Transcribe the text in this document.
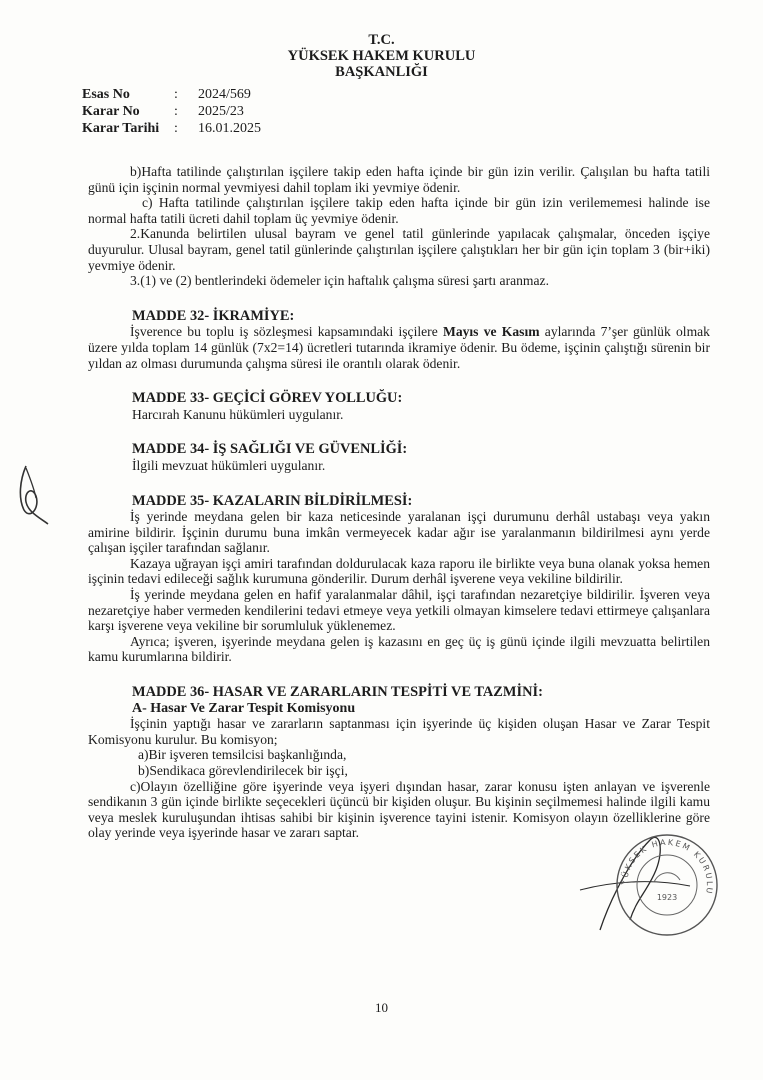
T.C.
YÜKSEK HAKEM KURULU
BAŞKANLIĞI
Esas No	:	2024/569
Karar No	:	2025/23
Karar Tarihi	:	16.01.2025

b)Hafta tatilinde çalıştırılan işçilere takip eden hafta içinde bir gün izin verilir. Çalışılan bu hafta tatili günü için işçinin normal yevmiyesi dahil toplam iki yevmiye ödenir.

c) Hafta tatilinde çalıştırılan işçilere takip eden hafta içinde bir gün izin verilememesi halinde ise normal hafta tatili ücreti dahil toplam üç yevmiye ödenir.

2.Kanunda belirtilen ulusal bayram ve genel tatil günlerinde yapılacak çalışmalar, önceden işçiye duyurulur. Ulusal bayram, genel tatil günlerinde çalıştırılan işçilere çalıştıkları her bir gün için toplam 3 (bir+iki) yevmiye ödenir.

3.(1) ve (2) bentlerindeki ödemeler için haftalık çalışma süresi şartı aranmaz.

MADDE 32- İKRAMİYE:

İşverence bu toplu iş sözleşmesi kapsamındaki işçilere Mayıs ve Kasım aylarında 7’şer günlük olmak üzere yılda toplam 14 günlük (7x2=14) ücretleri tutarında ikramiye ödenir. Bu ödeme, işçinin çalıştığı sürenin bir yıldan az olması durumunda çalışma süresi ile orantılı olarak ödenir.

MADDE 33- GEÇİCİ GÖREV YOLLUĞU:
Harcırah Kanunu hükümleri uygulanır.
MADDE 34- İŞ SAĞLIĞI VE GÜVENLİĞİ:
İlgili mevzuat hükümleri uygulanır.
MADDE 35- KAZALARIN BİLDİRİLMESİ:

İş yerinde meydana gelen bir kaza neticesinde yaralanan işçi durumunu derhâl ustabaşı veya yakın amirine bildirir. İşçinin durumu buna imkân vermeyecek kadar ağır ise yaralanmanın bildirilmesi aynı yerde çalışan işçiler tarafından sağlanır.

Kazaya uğrayan işçi amiri tarafından doldurulacak kaza raporu ile birlikte veya buna olanak yoksa hemen işçinin tedavi edileceği sağlık kurumuna gönderilir. Durum derhâl işverene veya vekiline bildirilir.

İş yerinde meydana gelen en hafif yaralanmalar dâhil, işçi tarafından nezaretçiye bildirilir. İşveren veya nezaretçiye haber vermeden kendilerini tedavi etmeye veya yetkili olmayan kimselere tedavi ettirmeye çalışanlara karşı işverene veya vekiline bir sorumluluk yüklenemez.

Ayrıca; işveren, işyerinde meydana gelen iş kazasını en geç üç iş günü içinde ilgili mevzuatta belirtilen kamu kurumlarına bildirir.

MADDE 36- HASAR VE ZARARLARIN TESPİTİ VE TAZMİNİ:
A- Hasar Ve Zarar Tespit Komisyonu

İşçinin yaptığı hasar ve zararların saptanması için işyerinde üç kişiden oluşan Hasar ve Zarar Tespit Komisyonu kurulur. Bu komisyon;

a)Bir işveren temsilcisi başkanlığında,
b)Sendikaca görevlendirilecek bir işçi,

c)Olayın özelliğine göre işyerinde veya işyeri dışından hasar, zarar konusu işten anlayan ve işverenle sendikanın 3 gün içinde birlikte seçecekleri üçüncü bir kişiden oluşur. Bu kişinin seçilmemesi halinde ilgili kamu veya meslek kuruluşundan ihtisas sahibi bir kişinin işverence tayini istenir. Komisyon olayın özelliklerine göre olay yerinde veya işyerinde hasar ve zararı saptar.

10
YÜKSEK HAKEM KURULU
1923
